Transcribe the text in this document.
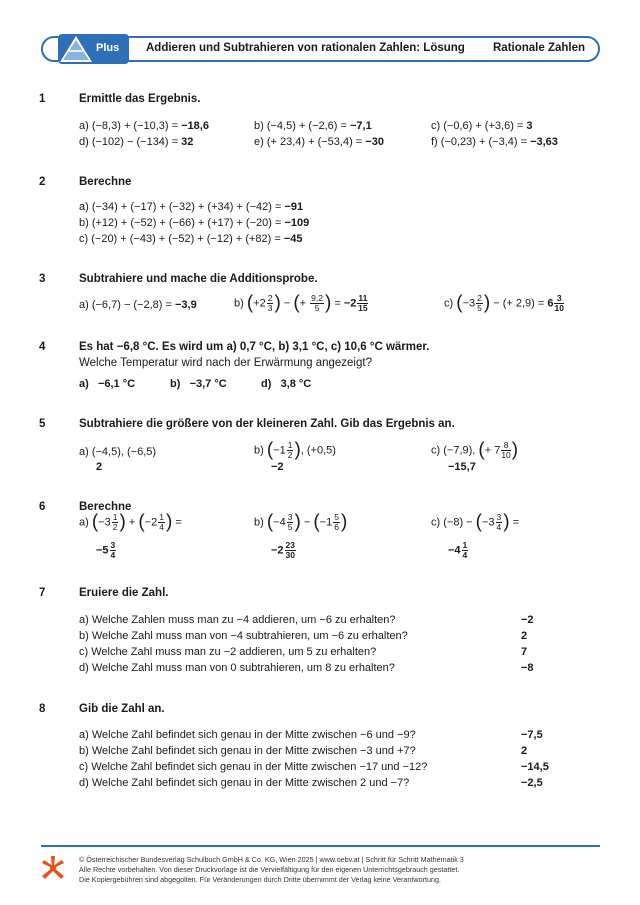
Plus Addieren und Subtrahieren von rationalen Zahlen: Lösung Rationale Zahlen
1	Ermittle das Ergebnis.
a) (−8,3) + (−10,3) = −18,6	b) (−4,5) + (−2,6) = −7,1	c) (−0,6) + (+3,6) = 3
d) (−102) − (−134) = 32	e) (+ 23,4) + (−53,4) = −30	f) (−0,23) + (−3,4) = −3,63
2	Berechne
a) (−34) + (−17) + (−32) + (+34) + (−42) = −91
b) (+12) + (−52) + (−66) + (+17) + (−20) = −109
c) (−20) + (−43) + (−52) + (−12) + (+82) = −45
3	Subtrahiere und mache die Additionsprobe.
a) (−6,7) − (−2,8) = −3,9	b) ($+2 \frac{2}{3}$ ) − (+ $\frac{9,2}{5}$ ) = $-2 \frac{11}{15}$	c) ($-3 \frac{2}{5}$ ) − (+ $2,9) = 6 \frac{3}{10}$
4	Es hat −6,8 °C. Es wird um a) 0,7 °C, b) 3,1 °C, c) 10,6 °C wärmer.
Welche Temperatur wird nach der Erwärmung angezeigt?
a) −6,1 °C	b) −3,7 °C	d) 3,8 °C
5	Subtrahiere die größere von der kleineren Zahl. Gib das Ergebnis an.
a) (−4,5), (−6,5)
2
b) ($-1 \frac{1}{2}$ ), (+0,5)
−2
c) (−7,9), (+ $7 \frac{8}{10}$ )
−15,7
6	Berechne
a) ($-3 \frac{1}{2}$ ) + ($-2 \frac{1}{4}$ ) =
$-5 \frac{3}{4}$
b) ($-4 \frac{3}{5}$ ) − ($-1 \frac{5}{6}$ )
$-2 \frac{23}{30}$
c) $(-8) - (-3 \frac{3}{4}$ ) =
$-4 \frac{1}{4}$
7	Eruiere die Zahl.
a) Welche Zahlen muss man zu −4 addieren, um −6 zu erhalten?	−2
b) Welche Zahl muss man von −4 subtrahieren, um −6 zu erhalten?	2
c) Welche Zahl muss man zu −2 addieren, um 5 zu erhalten?	7
d) Welche Zahl muss man von 0 subtrahieren, um 8 zu erhalten?	−8
8	Gib die Zahl an.
a) Welche Zahl befindet sich genau in der Mitte zwischen −6 und −9?	−7,5
b) Welche Zahl befindet sich genau in der Mitte zwischen −3 und +7?	2
c) Welche Zahl befindet sich genau in der Mitte zwischen −17 und −12?	−14,5
d) Welche Zahl befindet sich genau in der Mitte zwischen 2 und −7?	−2,5
© Österreichischer Bundesverlag Schulbuch GmbH & Co. KG, Wien 2025 | www.oebv.at | Schritt für Schritt Mathematik 3
Alle Rechte vorbehalten. Von dieser Druckvorlage ist die Vervielfältigung für den eigenen Unterrichtsgebrauch gestattet.
Die Kopiergebühren sind abgegolten. Für Veränderungen durch Dritte übernimmt der Verlag keine Verantwortung.
